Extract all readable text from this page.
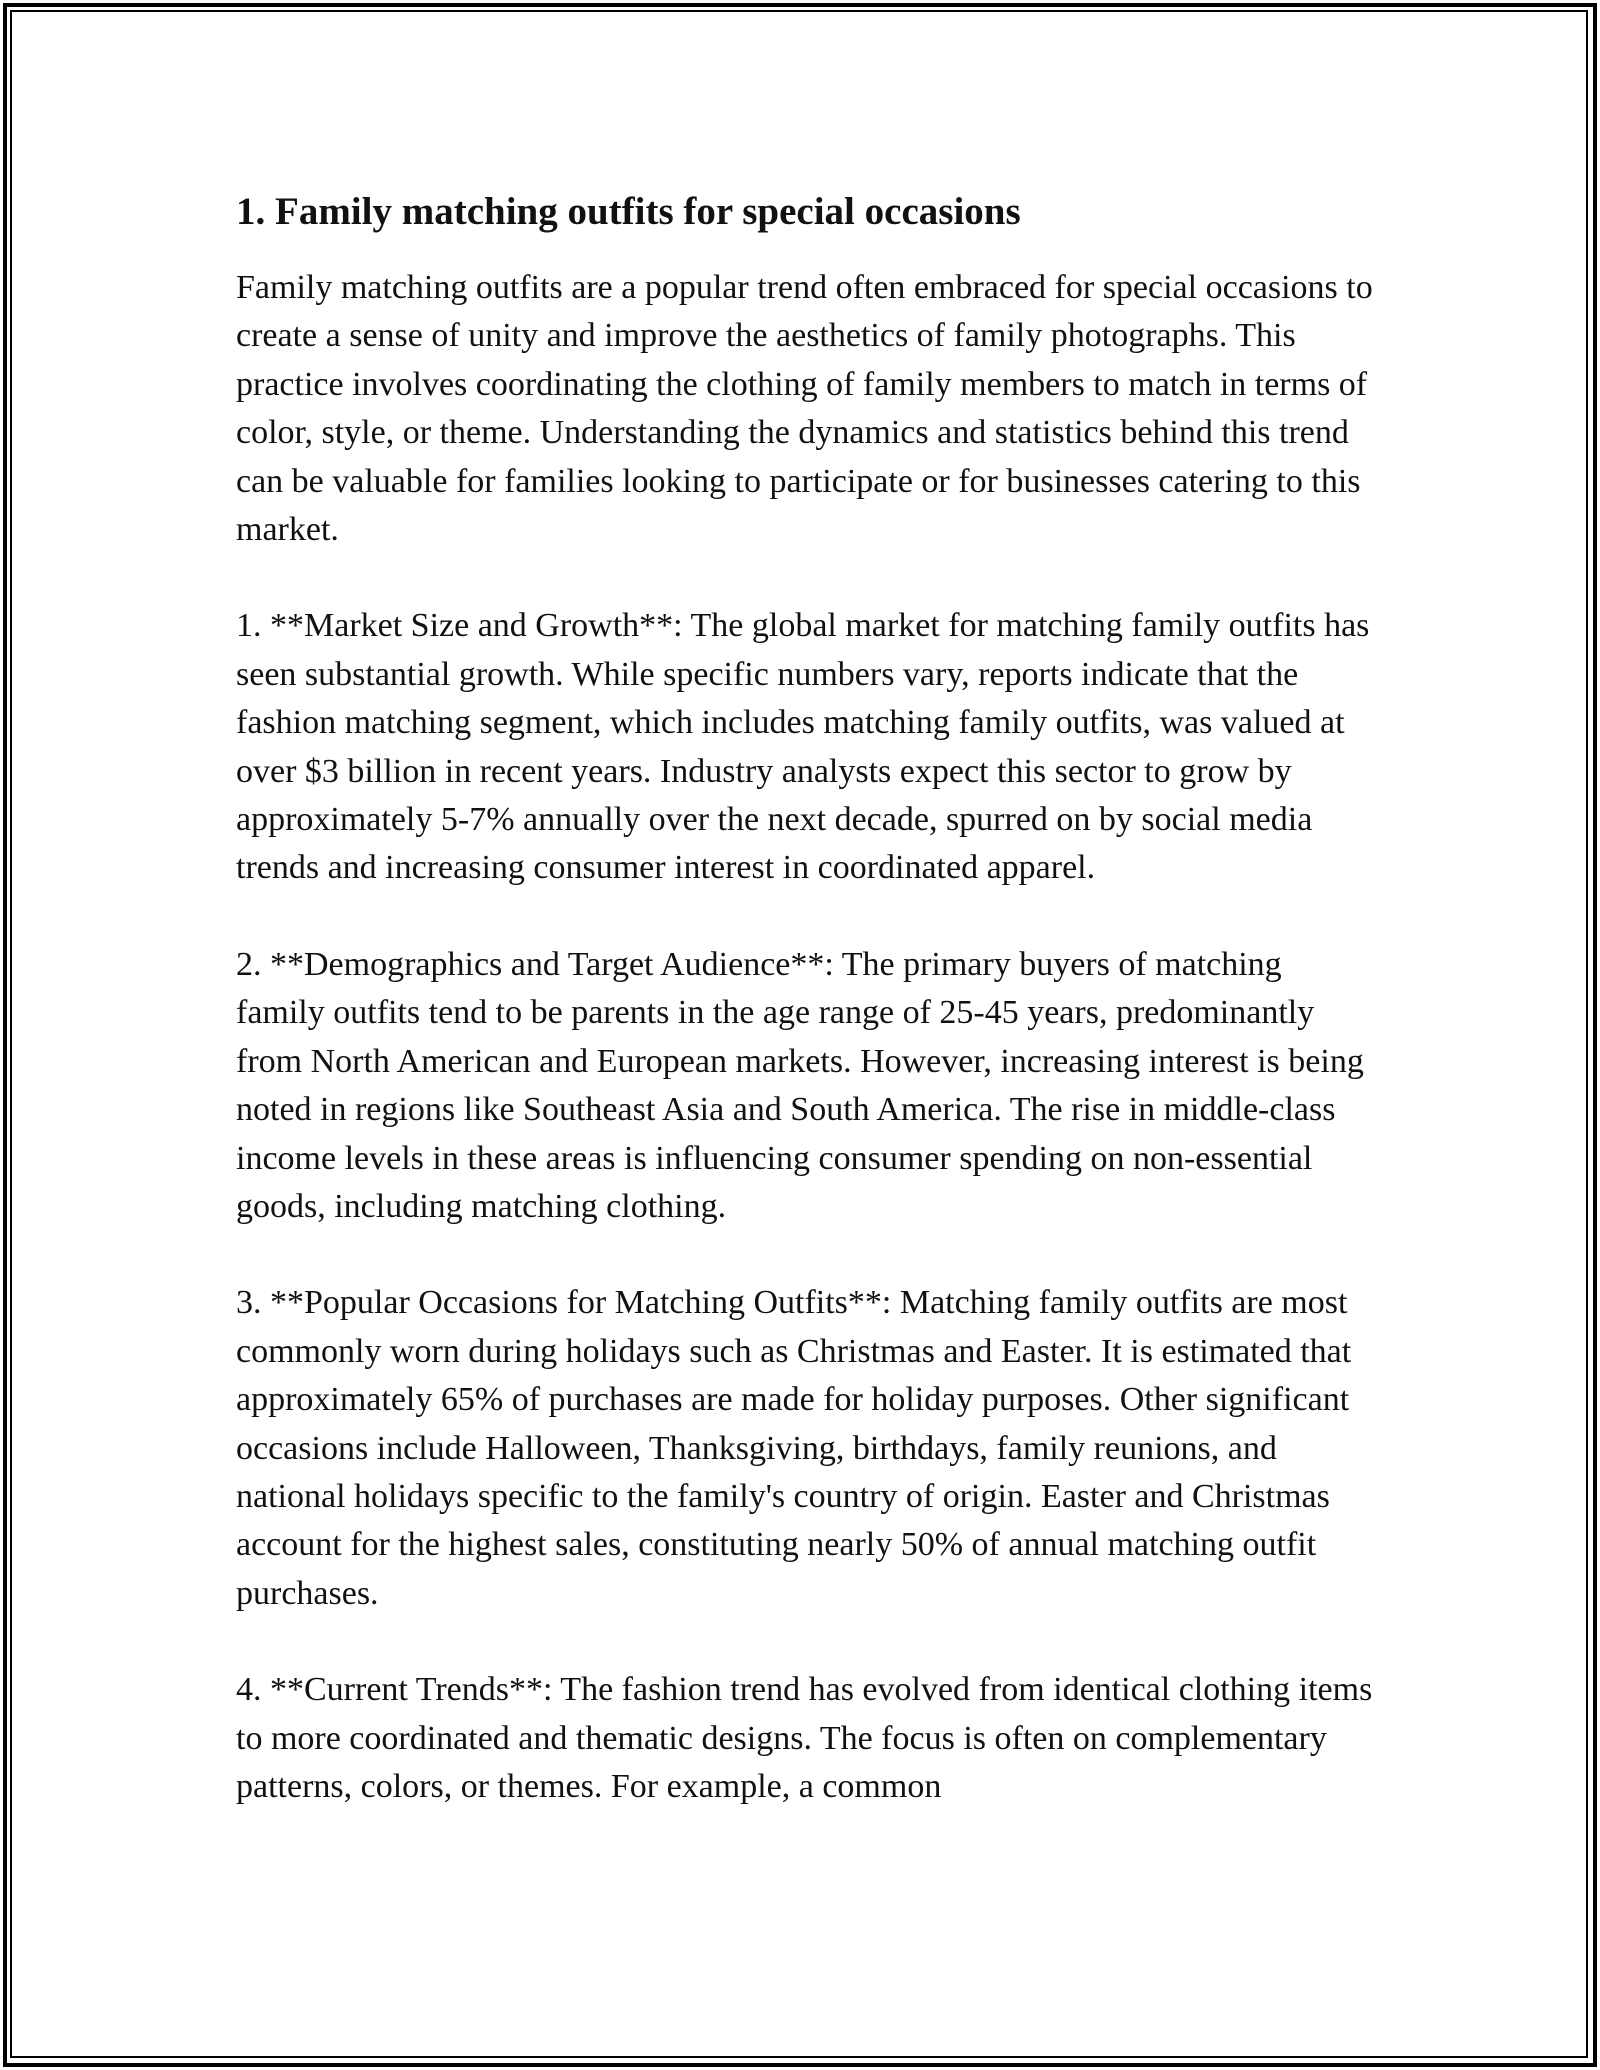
1. Family matching outfits for special occasions

Family matching outfits are a popular trend often embraced for special occasions to create a sense of unity and improve the aesthetics of family photographs. This practice involves coordinating the clothing of family members to match in terms of color, style, or theme. Understanding the dynamics and statistics behind this trend can be valuable for families looking to participate or for businesses catering to this market.

1. **Market Size and Growth**: The global market for matching family outfits has seen substantial growth. While specific numbers vary, reports indicate that the fashion matching segment, which includes matching family outfits, was valued at over $3 billion in recent years. Industry analysts expect this sector to grow by approximately 5-7% annually over the next decade, spurred on by social media trends and increasing consumer interest in coordinated apparel.

2. **Demographics and Target Audience**: The primary buyers of matching family outfits tend to be parents in the age range of 25-45 years, predominantly from North American and European markets. However, increasing interest is being noted in regions like Southeast Asia and South America. The rise in middle-class income levels in these areas is influencing consumer spending on non-essential goods, including matching clothing.

3. **Popular Occasions for Matching Outfits**: Matching family outfits are most commonly worn during holidays such as Christmas and Easter. It is estimated that approximately 65% of purchases are made for holiday purposes. Other significant occasions include Halloween, Thanksgiving, birthdays, family reunions, and national holidays specific to the family's country of origin. Easter and Christmas account for the highest sales, constituting nearly 50% of annual matching outfit purchases.

4. **Current Trends**: The fashion trend has evolved from identical clothing items to more coordinated and thematic designs. The focus is often on complementary patterns, colors, or themes. For example, a common
